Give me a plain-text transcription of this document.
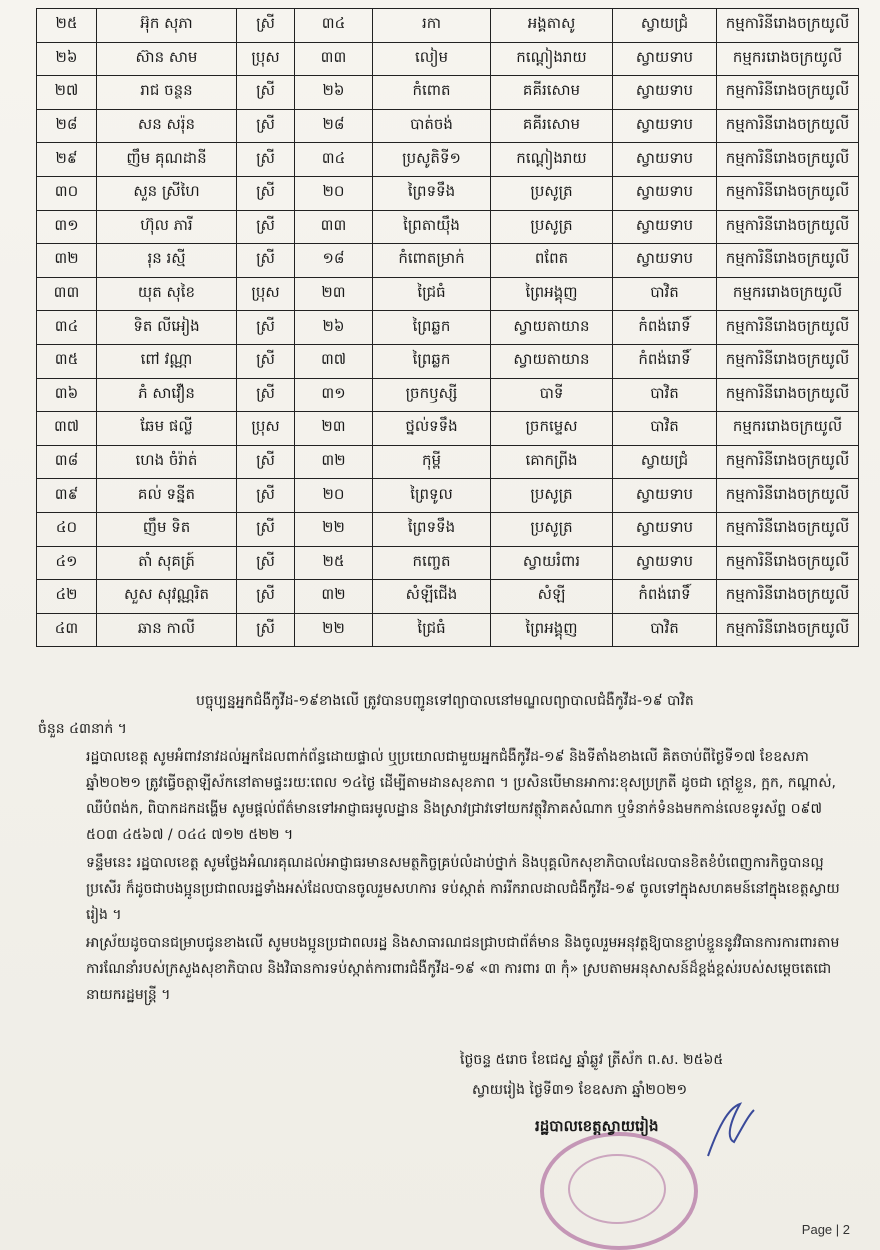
២៥	អ៊ុក សុភា	ស្រី	៣៤	រកា	អង្គតាសូ	ស្វាយជ្រំ	កម្មការិនីរោងចក្រយូលី
២៦	ស៊ាន សាម	ប្រុស	៣៣	លៀម	កណ្ដៀងរាយ	ស្វាយទាប	កម្មកររោងចក្រយូលី
២៧	រាជ ចន្ថន	ស្រី	២៦	កំពោត	គគីរសោម	ស្វាយទាប	កម្មការិនីរោងចក្រយូលី
២៨	សន សរ៉ុន	ស្រី	២៨	បាត់ចង់	គគីរសោម	ស្វាយទាប	កម្មការិនីរោងចក្រយូលី
២៩	ញឹម គុណដានី	ស្រី	៣៤	ប្រសូតិទី១	កណ្ដៀងរាយ	ស្វាយទាប	កម្មការិនីរោងចក្រយូលី
៣០	សួន ស្រីហៃ	ស្រី	២០	ព្រៃទទឹង	ប្រសូត្រ	ស្វាយទាប	កម្មការិនីរោងចក្រយូលី
៣១	ហ៊ុល ភារី	ស្រី	៣៣	ព្រៃតាយ៉ឹង	ប្រសូត្រ	ស្វាយទាប	កម្មការិនីរោងចក្រយូលី
៣២	រុន រស្មី	ស្រី	១៨	កំពោតម្រាក់	ពពែត	ស្វាយទាប	កម្មការិនីរោងចក្រយូលី
៣៣	យុត សុខៃ	ប្រុស	២៣	ជ្រៃធំ	ព្រៃអង្គុញ	បាវិត	កម្មកររោងចក្រយូលី
៣៤	ទិត លីអៀង	ស្រី	២៦	ព្រៃឆ្លក	ស្វាយតាយាន	កំពង់រោទិ៍	កម្មការិនីរោងចក្រយូលី
៣៥	ពៅ វណ្ណា	ស្រី	៣៧	ព្រៃឆ្លក	ស្វាយតាយាន	កំពង់រោទិ៍	កម្មការិនីរោងចក្រយូលី
៣៦	ភំ សាវឿន	ស្រី	៣១	ច្រកឫស្សី	បាទី	បាវិត	កម្មការិនីរោងចក្រយូលី
៣៧	ឆែម ផល្លី	ប្រុស	២៣	ថ្នល់ទទឹង	ច្រកម្ទេស	បាវិត	កម្មកររោងចក្រយូលី
៣៨	ហេង ចំរ៉ាត់	ស្រី	៣២	កុម្ពី	គោកព្រីង	ស្វាយជ្រំ	កម្មការិនីរោងចក្រយូលី
៣៩	គល់ ទន្នីត	ស្រី	២០	ព្រៃទូល	ប្រសូត្រ	ស្វាយទាប	កម្មការិនីរោងចក្រយូលី
៤០	ញឹម ទិត	ស្រី	២២	ព្រៃទទឹង	ប្រសូត្រ	ស្វាយទាប	កម្មការិនីរោងចក្រយូលី
៤១	តាំ សុគត្រ៍	ស្រី	២៥	កញ្ចេត	ស្វាយរំពារ	ស្វាយទាប	កម្មការិនីរោងចក្រយូលី
៤២	សួស សុវណ្ណរិត	ស្រី	៣២	សំឡីជើង	សំឡី	កំពង់រោទិ៍	កម្មការិនីរោងចក្រយូលី
៤៣	ឆាន កាលី	ស្រី	២២	ជ្រៃធំ	ព្រៃអង្គុញ	បាវិត	កម្មការិនីរោងចក្រយូលី

បច្ចុប្បន្នអ្នកជំងឺកូវីដ-១៩ខាងលើ ត្រូវបានបញ្ជូនទៅព្យាបាលនៅមណ្ឌលព្យាបាលជំងឺកូវីដ-១៩ បាវិត

ចំនួន ៤៣នាក់ ។

រដ្ឋបាលខេត្ត សូមអំពាវនាវដល់អ្នកដែលពាក់ព័ន្ធដោយផ្ទាល់ ឬប្រយោលជាមួយអ្នកជំងឺកូវីដ-១៩ និងទីតាំងខាងលើ គិតចាប់ពីថ្ងៃទី១៧ ខែឧសភា ឆ្នាំ២០២១ ត្រូវធ្វើចត្តាឡីស័កនៅតាមផ្ទះរយៈពេល ១៤ថ្ងៃ ដើម្បីតាមដានសុខភាព ។ ប្រសិនបើមានអាការៈខុសប្រក្រតី ដូចជា ក្ដៅខ្លួន, ក្អក, កណ្ដាស់, ឈឺបំពង់ក, ពិបាកដកដង្ហើម សូមផ្ដល់ព័ត៌មានទៅអាជ្ញាធរមូលដ្ឋាន និងស្រាវជ្រាវទៅយកវត្ថុវិភាគសំណាក ឬទំនាក់ទំនងមកកាន់លេខទូរស័ព្ទ ០៩៧ ៥០៣ ៤៥៦៧ / ០៤៤ ៧១២ ៥២២ ។

ទន្ទឹមនេះ រដ្ឋបាលខេត្ត សូមថ្លែងអំណរគុណដល់អាជ្ញាធរមានសមត្ថកិច្ចគ្រប់លំដាប់ថ្នាក់ និងបុគ្គលិកសុខាភិបាលដែលបានខិតខំបំពេញការកិច្ចបានល្អប្រសើរ ក៏ដូចជាបងប្អូនប្រជាពលរដ្ឋទាំងអស់ដែលបានចូលរួមសហការ ទប់ស្កាត់ ការរីករាលដាលជំងឺកូវីដ-១៩ ចូលទៅក្នុងសហគមន៍នៅក្នុងខេត្តស្វាយរៀង ។

អាស្រ័យដូចបានជម្រាបជូនខាងលើ សូមបងប្អូនប្រជាពលរដ្ឋ និងសាធារណជនជ្រាបជាព័ត៌មាន និងចូលរួមអនុវត្តឱ្យបានខ្ជាប់ខ្ជួននូវវិធានការការពារតាមការណែនាំរបស់ក្រសួងសុខាភិបាល និងវិធានការទប់ស្កាត់ការពារជំងឺកូវីដ-១៩ «៣ ការពារ ៣ កុំ» ស្របតាមអនុសាសន៍ដ៏ខ្ពង់ខ្ពស់របស់សម្ដេចតេជោ នាយករដ្ឋមន្ត្រី ។

ថ្ងៃចន្ទ ៥រោច ខែជេស្ឋ ឆ្នាំឆ្លូវ ត្រីស័ក ព.ស. ២៥៦៥
ស្វាយរៀង ថ្ងៃទី៣១ ខែឧសភា ឆ្នាំ២០២១
រដ្ឋបាលខេត្តស្វាយរៀង
Page | 2
